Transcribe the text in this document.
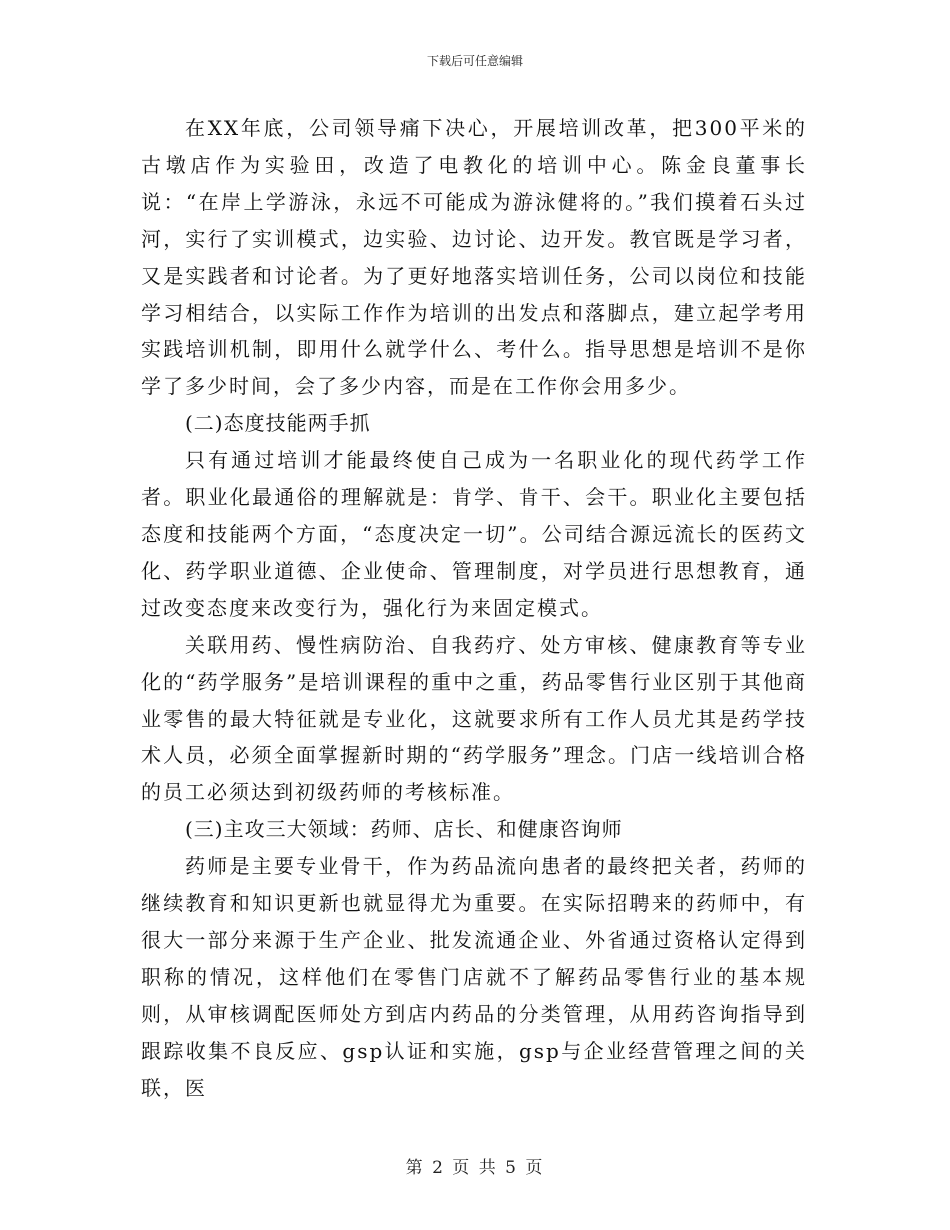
下载后可任意编辑

在XX年底，公司领导痛下决心，开展培训改革，把300平米的古墩店作为实验田，改造了电教化的培训中心。陈金良董事长说：“在岸上学游泳，永远不可能成为游泳健将的。”我们摸着石头过河，实行了实训模式，边实验、边讨论、边开发。教官既是学习者，又是实践者和讨论者。为了更好地落实培训任务，公司以岗位和技能学习相结合，以实际工作作为培训的出发点和落脚点，建立起学考用实践培训机制，即用什么就学什么、考什么。指导思想是培训不是你学了多少时间，会了多少内容，而是在工作你会用多少。

(二)态度技能两手抓

只有通过培训才能最终使自己成为一名职业化的现代药学工作者。职业化最通俗的理解就是：肯学、肯干、会干。职业化主要包括态度和技能两个方面，“态度决定一切”。公司结合源远流长的医药文化、药学职业道德、企业使命、管理制度，对学员进行思想教育，通过改变态度来改变行为，强化行为来固定模式。

关联用药、慢性病防治、自我药疗、处方审核、健康教育等专业化的“药学服务”是培训课程的重中之重，药品零售行业区别于其他商业零售的最大特征就是专业化，这就要求所有工作人员尤其是药学技术人员，必须全面掌握新时期的“药学服务”理念。门店一线培训合格的员工必须达到初级药师的考核标准。

(三)主攻三大领域：药师、店长、和健康咨询师

药师是主要专业骨干，作为药品流向患者的最终把关者，药师的继续教育和知识更新也就显得尤为重要。在实际招聘来的药师中，有很大一部分来源于生产企业、批发流通企业、外省通过资格认定得到职称的情况，这样他们在零售门店就不了解药品零售行业的基本规则，从审核调配医师处方到店内药品的分类管理，从用药咨询指导到跟踪收集不良反应、gsp认证和实施，gsp与企业经营管理之间的关联，医

第 2 页 共 5 页
